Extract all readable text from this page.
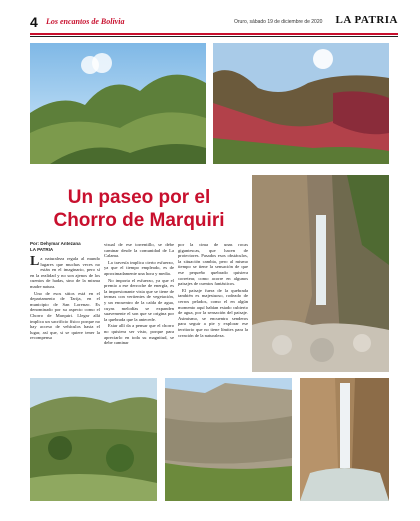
4 Los encantos de Bolivia	Oruro, sábado 19 de diciembre de 2020 LA PATRIA
Un paseo por el
Chorro de Marquiri
Por: Dehymar Antezana
LA PATRIA

La naturaleza regala al mundo lugares que muchas veces no están en el imaginario, pero sí en la realidad y no son ajenos de los cuentos de hadas, sino de la misma madre natura.

Uno de esos sitios está en el departamento de Tarija, en el municipio de San Lorenzo. Es denominado por su aspecto como el Chorro de Marquiri. Llegar allá implica un sacrificio físico porque no hay acceso de vehículos hasta el lugar, así que, si se quiere tener la recompensa

visual de ese torrentillo, se debe caminar desde la comunidad de La Calama.

La travesía implica cierto esfuerzo, ya que el tiempo empleado, es de aproximadamente una hora y media.

No importa el esfuerzo, ya que el premio a ese derroche de energía, es la impresionante vista que se tiene de termas con vertientes de vegetación, y un encuentro de la caída de agua, cuyas melodías se expanden suavemente el son que se origina por la quebrada que la antecede.

Estar allí da a pensar que el chorro no quisiera ser visto, porque para apreciarlo en toda su magnitud, se debe caminar

por la cima de unas rocas gigantescas, que hacen de protectores. Pasados esos obstáculos, la situación cambia, pero al mismo tiempo se tiene la sensación de que ese pequeño quebrado quisiera corretear, como acorre en algunos paisajes de cuentos fantásticos.

El paisaje fuera de la quebrada también es majestuoso, rodeado de cerros pelados, como el en algún momento aquí habían estado cubierto de agua, por la sensación del paisaje. Asimismo, se encuentra senderos para seguir a pie y explorar ese territorio que no tiene límites para la creación de la naturaleza.
